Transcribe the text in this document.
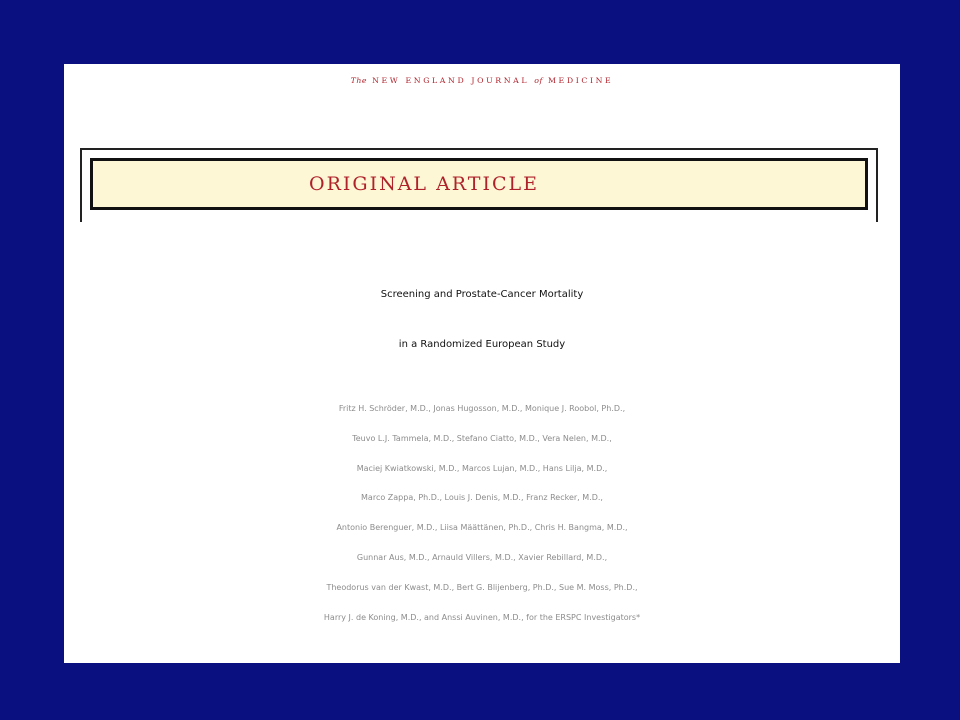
The NEW ENGLAND JOURNAL of MEDICINE
ORIGINAL ARTICLE
Screening and Prostate-Cancer Mortality
in a Randomized European Study
Fritz H. Schröder, M.D., Jonas Hugosson, M.D., Monique J. Roobol, Ph.D.,
Teuvo L.J. Tammela, M.D., Stefano Ciatto, M.D., Vera Nelen, M.D.,
Maciej Kwiatkowski, M.D., Marcos Lujan, M.D., Hans Lilja, M.D.,
Marco Zappa, Ph.D., Louis J. Denis, M.D., Franz Recker, M.D.,
Antonio Berenguer, M.D., Liisa Määttänen, Ph.D., Chris H. Bangma, M.D.,
Gunnar Aus, M.D., Arnauld Villers, M.D., Xavier Rebillard, M.D.,
Theodorus van der Kwast, M.D., Bert G. Blijenberg, Ph.D., Sue M. Moss, Ph.D.,
Harry J. de Koning, M.D., and Anssi Auvinen, M.D., for the ERSPC Investigators*
